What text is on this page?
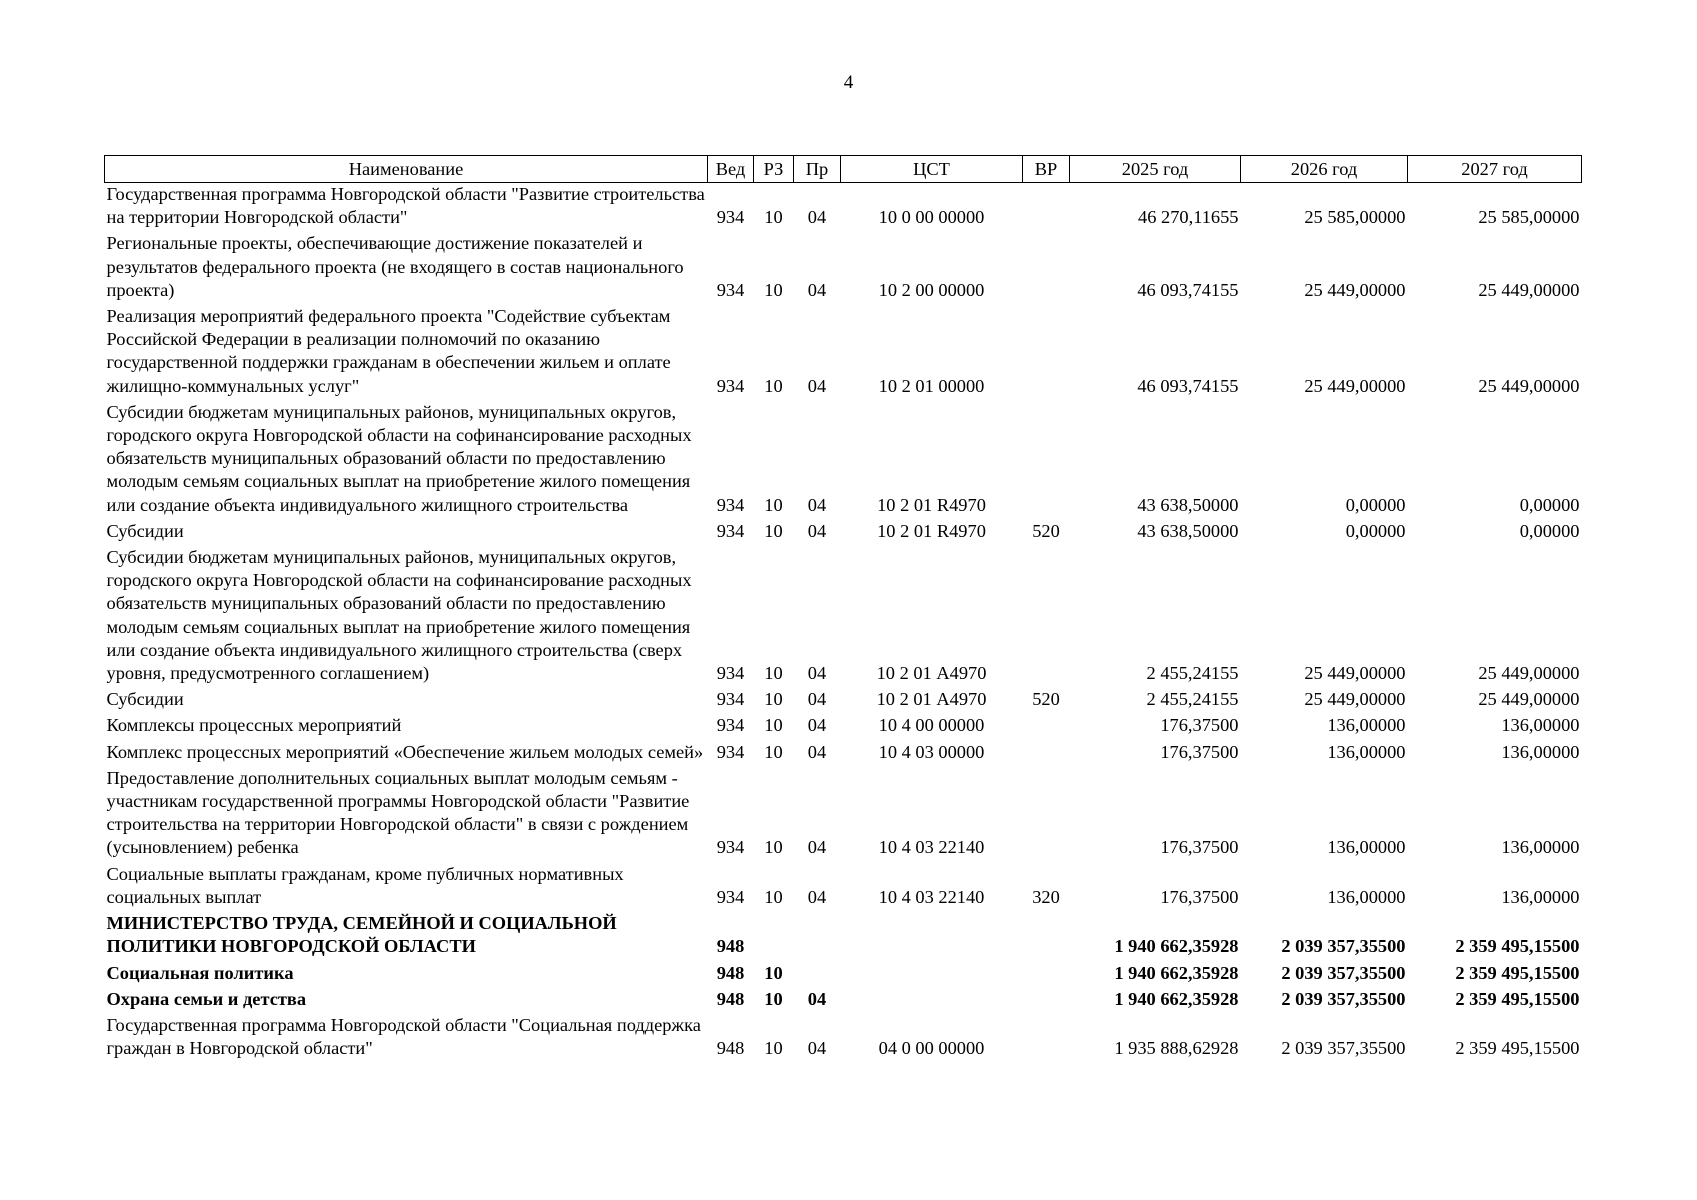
4
Наименование	Вед	РЗ	Пр	ЦСТ	ВР	2025 год	2026 год	2027 год
Государственная программа Новгородской области "Развитие строительства на территории Новгородской области"	934	10	04	10 0 00 00000		46 270,11655	25 585,00000	25 585,00000
Региональные проекты, обеспечивающие достижение показателей и результатов федерального проекта (не входящего в состав национального проекта)	934	10	04	10 2 00 00000		46 093,74155	25 449,00000	25 449,00000
Реализация мероприятий федерального проекта "Содействие субъектам Российской Федерации в реализации полномочий по оказанию государственной поддержки гражданам в обеспечении жильем и оплате жилищно-коммунальных услуг"	934	10	04	10 2 01 00000		46 093,74155	25 449,00000	25 449,00000
Субсидии бюджетам муниципальных районов, муниципальных округов, городского округа Новгородской области на софинансирование расходных обязательств муниципальных образований области по предоставлению молодым семьям социальных выплат на приобретение жилого помещения или создание объекта индивидуального жилищного строительства	934	10	04	10 2 01 R4970		43 638,50000	0,00000	0,00000
Субсидии	934	10	04	10 2 01 R4970	520	43 638,50000	0,00000	0,00000
Субсидии бюджетам муниципальных районов, муниципальных округов, городского округа Новгородской области на софинансирование расходных обязательств муниципальных образований области по предоставлению молодым семьям социальных выплат на приобретение жилого помещения или создание объекта индивидуального жилищного строительства (сверх уровня, предусмотренного соглашением)	934	10	04	10 2 01 А4970		2 455,24155	25 449,00000	25 449,00000
Субсидии	934	10	04	10 2 01 А4970	520	2 455,24155	25 449,00000	25 449,00000
Комплексы процессных мероприятий	934	10	04	10 4 00 00000		176,37500	136,00000	136,00000
Комплекс процессных мероприятий «Обеспечение жильем молодых семей»	934	10	04	10 4 03 00000		176,37500	136,00000	136,00000
Предоставление дополнительных социальных выплат молодым семьям - участникам государственной программы Новгородской области "Развитие строительства на территории Новгородской области" в связи с рождением (усыновлением) ребенка	934	10	04	10 4 03 22140		176,37500	136,00000	136,00000
Социальные выплаты гражданам, кроме публичных нормативных социальных выплат	934	10	04	10 4 03 22140	320	176,37500	136,00000	136,00000
МИНИСТЕРСТВО ТРУДА, СЕМЕЙНОЙ И СОЦИАЛЬНОЙ ПОЛИТИКИ НОВГОРОДСКОЙ ОБЛАСТИ	948					1 940 662,35928	2 039 357,35500	2 359 495,15500
Социальная политика	948	10				1 940 662,35928	2 039 357,35500	2 359 495,15500
Охрана семьи и детства	948	10	04			1 940 662,35928	2 039 357,35500	2 359 495,15500
Государственная программа Новгородской области "Социальная поддержка граждан в Новгородской области"	948	10	04	04 0 00 00000		1 935 888,62928	2 039 357,35500	2 359 495,15500
